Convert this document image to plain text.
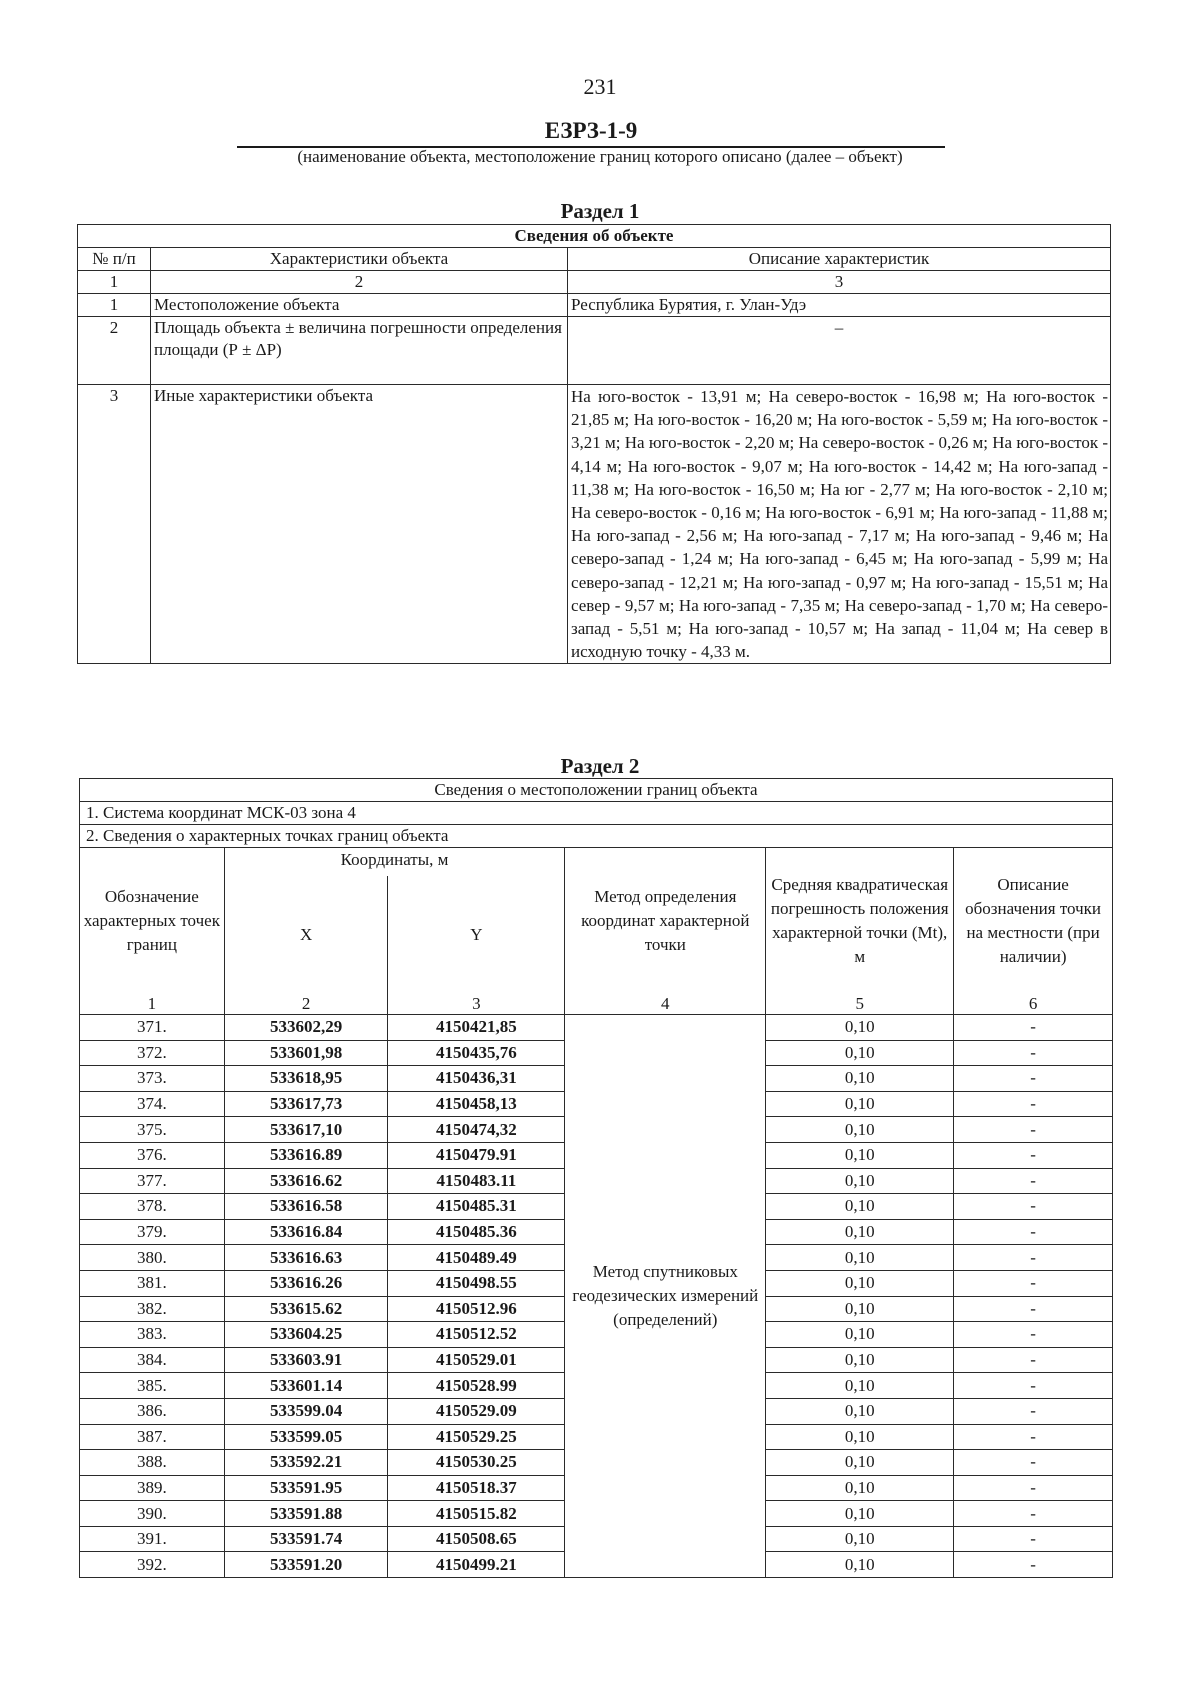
231
ЕЗРЗ-1-9
(наименование объекта, местоположение границ которого описано (далее – объект)
Раздел 1
Сведения об объекте		
№ п/п	Характеристики объекта	Описание характеристик
1	2	3
1	Местоположение объекта	Республика Бурятия, г. Улан-Удэ
2	Площадь объекта ± величина погрешности определения площади (Р ± ΔР)	–
3	Иные характеристики объекта	На юго-восток - 13,91 м; На северо-восток - 16,98 м; На юго-восток - 21,85 м; На юго-восток - 16,20 м; На юго-восток - 5,59 м; На юго-восток - 3,21 м; На юго-восток - 2,20 м; На северо-восток - 0,26 м; На юго-восток - 4,14 м; На юго-восток - 9,07 м; На юго-восток - 14,42 м; На юго-запад - 11,38 м; На юго-восток - 16,50 м; На юг - 2,77 м; На юго-восток - 2,10 м; На северо-восток - 0,16 м; На юго-восток - 6,91 м; На юго-запад - 11,88 м; На юго-запад - 2,56 м; На юго-запад - 7,17 м; На юго-запад - 9,46 м; На северо-запад - 1,24 м; На юго-запад - 6,45 м; На юго-запад - 5,99 м; На северо-запад - 12,21 м; На юго-запад - 0,97 м; На юго-запад - 15,51 м; На север - 9,57 м; На юго-запад - 7,35 м; На северо-запад - 1,70 м; На северо-запад - 5,51 м; На юго-запад - 10,57 м; На запад - 11,04 м; На север в исходную точку - 4,33 м.
Раздел 2
Сведения о местоположении границ объекта					
1. Система координат МСК-03 зона 4					
2. Сведения о характерных точках границ объекта					
Обозначение характерных точек границ	Координаты, м		Метод определения координат характерной точки	Средняя квадратическая погрешность положения характерной точки (Mt), м	Описание обозначения точки на местности (при наличии)
	X	Y			
1	2	3	4	5	6
371.	533602,29	4150421,85	Метод спутниковых геодезических измерений (определений)	0,10	-
372.	533601,98	4150435,76		0,10	-
373.	533618,95	4150436,31		0,10	-
374.	533617,73	4150458,13		0,10	-
375.	533617,10	4150474,32		0,10	-
376.	533616.89	4150479.91		0,10	-
377.	533616.62	4150483.11		0,10	-
378.	533616.58	4150485.31		0,10	-
379.	533616.84	4150485.36		0,10	-
380.	533616.63	4150489.49		0,10	-
381.	533616.26	4150498.55		0,10	-
382.	533615.62	4150512.96		0,10	-
383.	533604.25	4150512.52		0,10	-
384.	533603.91	4150529.01		0,10	-
385.	533601.14	4150528.99		0,10	-
386.	533599.04	4150529.09		0,10	-
387.	533599.05	4150529.25		0,10	-
388.	533592.21	4150530.25		0,10	-
389.	533591.95	4150518.37		0,10	-
390.	533591.88	4150515.82		0,10	-
391.	533591.74	4150508.65		0,10	-
392.	533591.20	4150499.21		0,10	-
